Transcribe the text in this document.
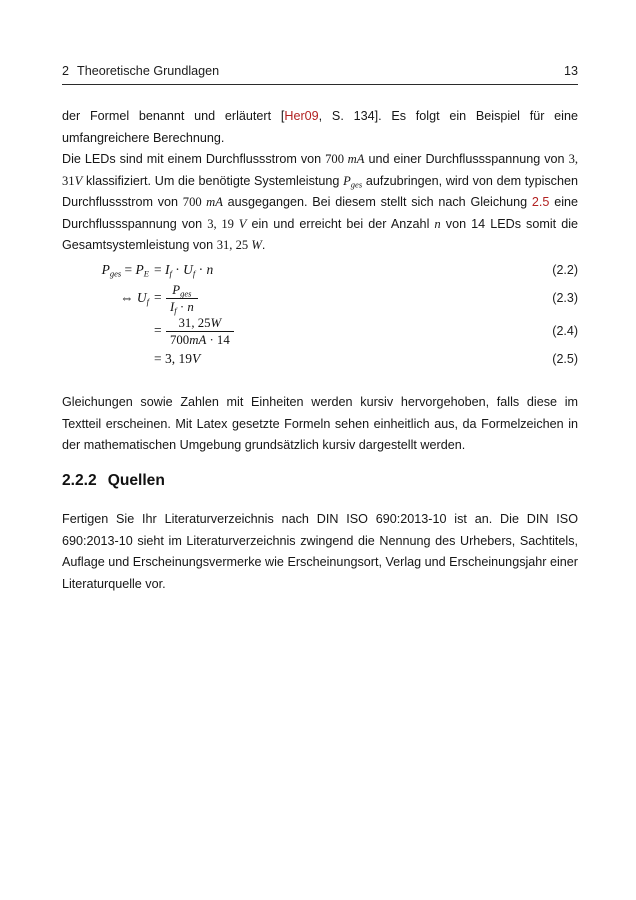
2 Theoretische Grundlagen	13

der Formel benannt und erläutert [Her09, S. 134]. Es folgt ein Beispiel für eine umfangreichere Berechnung.

Die LEDs sind mit einem Durchflussstrom von 700 mA und einer Durchflussspannung von 3, 31V klassifiziert. Um die benötigte Systemleistung $P_{ges}$ aufzubringen, wird von dem typischen Durchflussstrom von 700 mA ausgegangen. Bei diesem stellt sich nach Gleichung 2.5 eine Durchflussspannung von 3, 19 V ein und erreicht bei der Anzahl n von 14 LEDs somit die Gesamtsystemleistung von 31, 25 W.

$P_{ges} = P_E = I_f \cdot U_f \cdot n$	(2.2)
⇔ $U_f = \frac{P_{ges}}{I_f \cdot n}$	(2.3)
= $\frac{31, 25W}{700mA \cdot 14}$	(2.4)
= 3, 19V	(2.5)

Gleichungen sowie Zahlen mit Einheiten werden kursiv hervorgehoben, falls diese im Textteil erscheinen. Mit Latex gesetzte Formeln sehen einheitlich aus, da Formelzeichen in der mathematischen Umgebung grundsätzlich kursiv dargestellt werden.

2.2.2 Quellen

Fertigen Sie Ihr Literaturverzeichnis nach DIN ISO 690:2013-10 ist an. Die DIN ISO 690:2013-10 sieht im Literaturverzeichnis zwingend die Nennung des Urhebers, Sachtitels, Auflage und Erscheinungsvermerke wie Erscheinungsort, Verlag und Erscheinungsjahr einer Literaturquelle vor.
